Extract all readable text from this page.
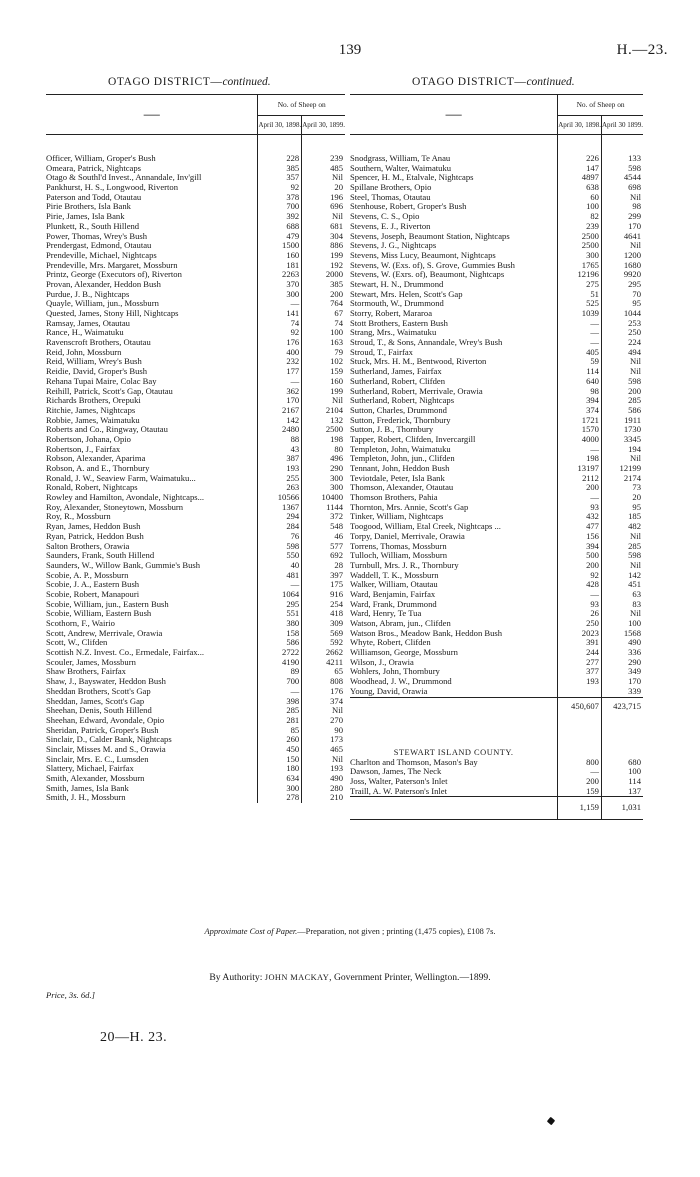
139	H.—23.
OTAGO DISTRICT—continued.	OTAGO DISTRICT—continued.
—	No. of Sheep on	
	April 30, 1898.	April 30, 1899.

Officer, William, Groper's Bush	228	239
Omeara, Patrick, Nightcaps	385	485
Otago & Southl'd Invest., Annandale, Inv'gill	357	Nil
Pankhurst, H. S., Longwood, Riverton	92	20
Paterson and Todd, Otautau	378	196
Pirie Brothers, Isla Bank	700	696
Pirie, James, Isla Bank	392	Nil
Plunkett, R., South Hillend	688	681
Power, Thomas, Wrey's Bush	479	304
Prendergast, Edmond, Otautau	1500	886
Prendeville, Michael, Nightcaps	160	199
Prendeville, Mrs. Margaret, Mossburn	181	192
Printz, George (Executors of), Riverton	2263	2000
Provan, Alexander, Heddon Bush	370	385
Purdue, J. B., Nightcaps	300	200
Quayle, William, jun., Mossburn	—	764
Quested, James, Stony Hill, Nightcaps	141	67
Ramsay, James, Otautau	74	74
Rance, H., Waimatuku	92	100
Ravenscroft Brothers, Otautau	176	163
Reid, John, Mossburn	400	79
Reid, William, Wrey's Bush	232	102
Reidie, David, Groper's Bush	177	159
Rehana Tupai Maire, Colac Bay	—	160
Reihill, Patrick, Scott's Gap, Otautau	362	199
Richards Brothers, Orepuki	170	Nil
Ritchie, James, Nightcaps	2167	2104
Robbie, James, Waimatuku	142	132
Roberts and Co., Ringway, Otautau	2480	2500
Robertson, Johana, Opio	88	198
Robertson, J., Fairfax	43	80
Robson, Alexander, Aparima	387	496
Robson, A. and E., Thornbury	193	290
Ronald, J. W., Seaview Farm, Waimatuku...	255	300
Ronald, Robert, Nightcaps	263	300
Rowley and Hamilton, Avondale, Nightcaps...	10566	10400
Roy, Alexander, Stoneytown, Mossburn	1367	1144
Roy, R., Mossburn	294	372
Ryan, James, Heddon Bush	284	548
Ryan, Patrick, Heddon Bush	76	46
Salton Brothers, Orawia	598	577
Saunders, Frank, South Hillend	550	692
Saunders, W., Willow Bank, Gummie's Bush	40	28
Scobie, A. P., Mossburn	481	397
Scobie, J. A., Eastern Bush	—	175
Scobie, Robert, Manapouri	1064	916
Scobie, William, jun., Eastern Bush	295	254
Scobie, William, Eastern Bush	551	418
Scothorn, F., Wairio	380	309
Scott, Andrew, Merrivale, Orawia	158	569
Scott, W., Clifden	586	592
Scottish N.Z. Invest. Co., Ermedale, Fairfax...	2722	2662
Scouler, James, Mossburn	4190	4211
Shaw Brothers, Fairfax	89	65
Shaw, J., Bayswater, Heddon Bush	700	808
Sheddan Brothers, Scott's Gap	—	176
Sheddan, James, Scott's Gap	398	374
Sheehan, Denis, South Hillend	285	Nil
Sheehan, Edward, Avondale, Opio	281	270
Sheridan, Patrick, Groper's Bush	85	90
Sinclair, D., Calder Bank, Nightcaps	260	173
Sinclair, Misses M. and S., Orawia	450	465
Sinclair, Mrs. E. C., Lumsden	150	Nil
Slattery, Michael, Fairfax	180	193
Smith, Alexander, Mossburn	634	490
Smith, James, Isla Bank	300	280
Smith, J. H., Mossburn	278	210
—	No. of Sheep on	
	April 30, 1898.	April 30 1899.

Snodgrass, William, Te Anau	226	133
Southern, Walter, Waimatuku	147	598
Spencer, H. M., Etalvale, Nightcaps	4897	4544
Spillane Brothers, Opio	638	698
Steel, Thomas, Otautau	60	Nil
Stenhouse, Robert, Groper's Bush	100	98
Stevens, C. S., Opio	82	299
Stevens, E. J., Riverton	239	170
Stevens, Joseph, Beaumont Station, Nightcaps	2500	4641
Stevens, J. G., Nightcaps	2500	Nil
Stevens, Miss Lucy, Beaumont, Nightcaps	300	1200
Stevens, W. (Exs. of), S. Grove, Gummies Bush	1765	1680
Stevens, W. (Exrs. of), Beaumont, Nightcaps	12196	9920
Stewart, H. N., Drummond	275	295
Stewart, Mrs. Helen, Scott's Gap	51	70
Stormouth, W., Drummond	525	95
Storry, Robert, Mararoa	1039	1044
Stott Brothers, Eastern Bush	—	253
Strang, Mrs., Waimatuku	—	250
Stroud, T., & Sons, Annandale, Wrey's Bush	—	224
Stroud, T., Fairfax	405	494
Stuck, Mrs. H. M., Bentwood, Riverton	59	Nil
Sutherland, James, Fairfax	114	Nil
Sutherland, Robert, Clifden	640	598
Sutherland, Robert, Merrivale, Orawia	98	200
Sutherland, Robert, Nightcaps	394	285
Sutton, Charles, Drummond	374	586
Sutton, Frederick, Thornbury	1721	1911
Sutton, J. B., Thornbury	1570	1730
Tapper, Robert, Clifden, Invercargill	4000	3345
Templeton, John, Waimatuku	—	194
Templeton, John, jun., Clifden	198	Nil
Tennant, John, Heddon Bush	13197	12199
Teviotdale, Peter, Isla Bank	2112	2174
Thomson, Alexander, Otautau	200	73
Thomson Brothers, Pahia	—	20
Thornton, Mrs. Annie, Scott's Gap	93	95
Tinker, William, Nightcaps	432	185
Toogood, William, Etal Creek, Nightcaps ...	477	482
Torpy, Daniel, Merrivale, Orawia	156	Nil
Torrens, Thomas, Mossburn	394	285
Tulloch, William, Mossburn	500	598
Turnbull, Mrs. J. R., Thornbury	200	Nil
Waddell, T. K., Mossburn	92	142
Walker, William, Otautau	428	451
Ward, Benjamin, Fairfax	—	63
Ward, Frank, Drummond	93	83
Ward, Henry, Te Tua	26	Nil
Watson, Abram, jun., Clifden	250	100
Watson Bros., Meadow Bank, Heddon Bush	2023	1568
Whyte, Robert, Clifden	391	490
Williamson, George, Mossburn	244	336
Wilson, J., Orawia	277	290
Wohlers, John, Thornbury	377	349
Woodhead, J. W., Drummond	193	170
Young, David, Orawia		339
	450,607	423,715

STEWART ISLAND COUNTY.		
Charlton and Thomson, Mason's Bay	800	680
Dawson, James, The Neck	—	100
Joss, Walter, Paterson's Inlet	200	114
Traill, A. W. Paterson's Inlet	159	137
	1,159	1,031
Approximate Cost of Paper.—Preparation, not given ; printing (1,475 copies), £108 7s.
By Authority: JOHN MACKAY, Government Printer, Wellington.—1899.
Price, 3s. 6d.]
20—H. 23.
